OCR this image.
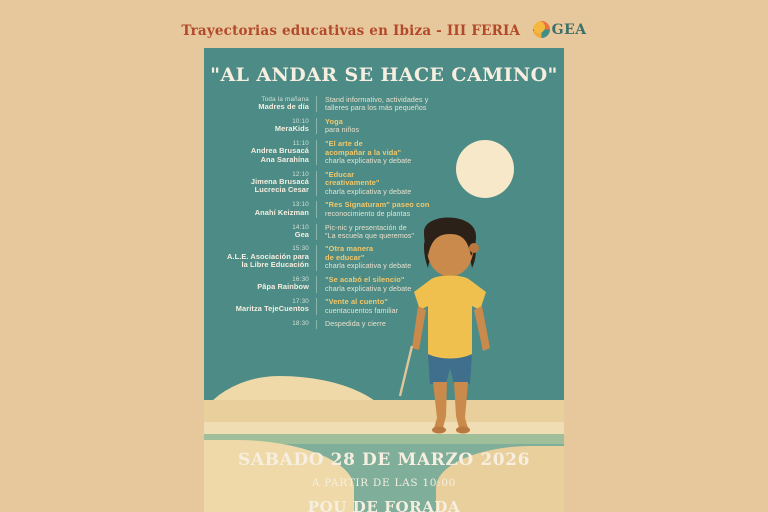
Trayectorias educativas en Ibiza - III FERIA GEA
"AL ANDAR SE HACE CAMINO"
Toda la mañana
Madres de día
Stand informativo, actividades y talleres para los más pequeños
10:10
MeraKids
Yoga
para niños
11:10
Andrea Brusacá
Ana Sarahína
"El arte de
acompañar a la vida"
charla explicativa y debate
12:10
Jimena Brusacá
Lucrecia Cesar
"Educar
creativamente"
charla explicativa y debate
13:10
Anahí Keizman
"Res Signaturam" paseo con
reconocimiento de plantas
14:10
Gea
Pic-nic y presentación de
"La escuela que queremos"
15:30
A.L.E. Asociación para
la Libre Educación
"Otra manera
de educar"
charla explicativa y debate
16:30
Pâpa Rainbow
"Se acabó el silencio"
charla explicativa y debate
17:30
Maritza TejeCuentos
"Vente al cuento"
cuentacuentos familiar
18:30 Despedida y cierre
SABADO 28 DE MARZO 2026
A PARTIR DE LAS 10:00
POU DE FORADA
